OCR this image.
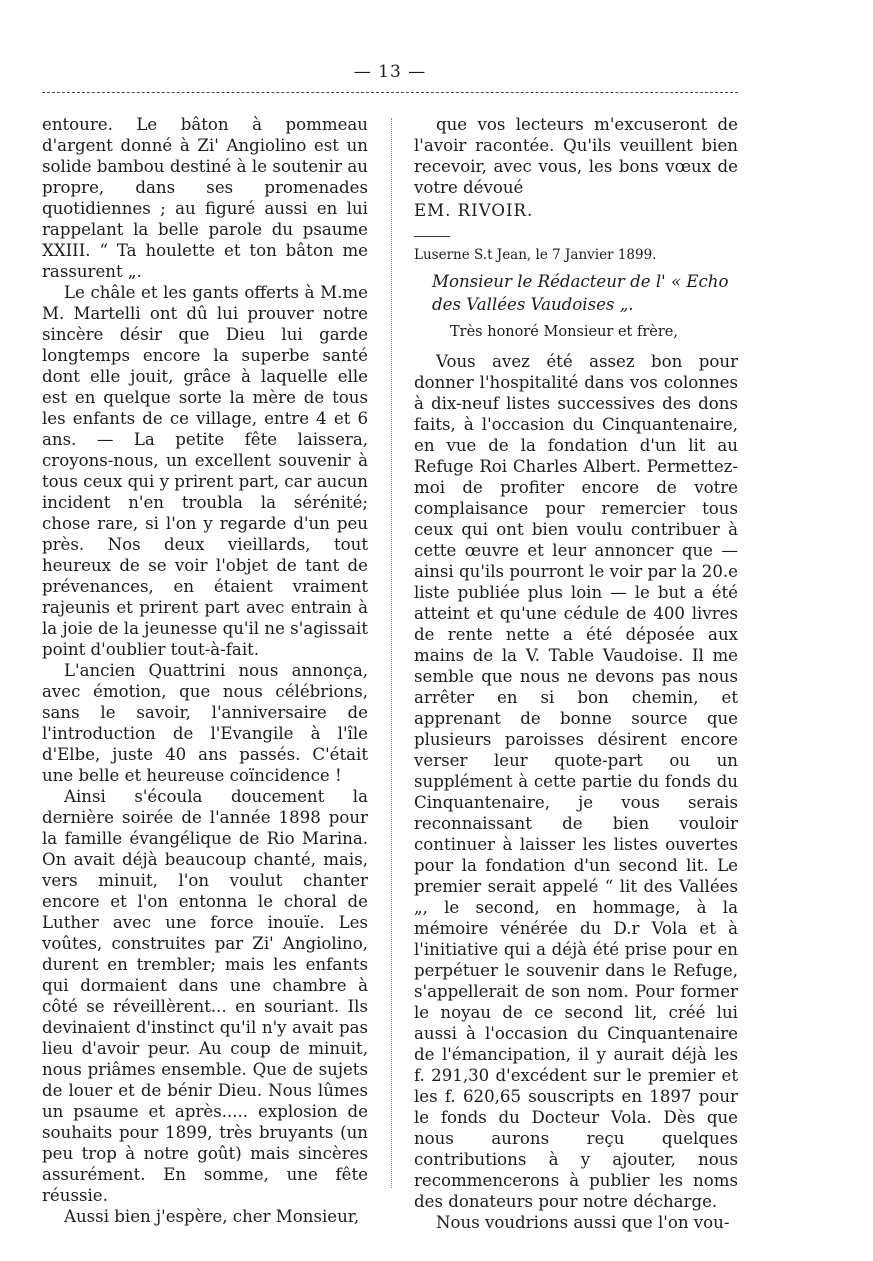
— 13 —

entoure. Le bâton à pommeau d'argent donné à Zi' Angiolino est un solide bambou destiné à le soutenir au propre, dans ses promenades quotidiennes ; au figuré aussi en lui rappelant la belle parole du psaume XXIII. “ Ta houlette et ton bâton me rassurent „.

Le châle et les gants offerts à M.me M. Martelli ont dû lui prouver notre sincère désir que Dieu lui garde longtemps encore la superbe santé dont elle jouit, grâce à laquelle elle est en quelque sorte la mère de tous les enfants de ce village, entre 4 et 6 ans. — La petite fête laissera, croyons-nous, un excellent souvenir à tous ceux qui y prirent part, car aucun incident n'en troubla la sérénité; chose rare, si l'on y regarde d'un peu près. Nos deux vieillards, tout heureux de se voir l'objet de tant de prévenances, en étaient vraiment rajeunis et prirent part avec entrain à la joie de la jeunesse qu'il ne s'agissait point d'oublier tout-à-fait.

L'ancien Quattrini nous annonça, avec émotion, que nous célébrions, sans le savoir, l'anniversaire de l'introduction de l'Evangile à l'île d'Elbe, juste 40 ans passés. C'était une belle et heureuse coïncidence !

Ainsi s'écoula doucement la dernière soirée de l'année 1898 pour la famille évangélique de Rio Marina. On avait déjà beaucoup chanté, mais, vers minuit, l'on voulut chanter encore et l'on entonna le choral de Luther avec une force inouïe. Les voûtes, construites par Zi' Angiolino, durent en trembler; mais les enfants qui dormaient dans une chambre à côté se réveillèrent... en souriant. Ils devinaient d'instinct qu'il n'y avait pas lieu d'avoir peur. Au coup de minuit, nous priâmes ensemble. Que de sujets de louer et de bénir Dieu. Nous lûmes un psaume et après..... explosion de souhaits pour 1899, très bruyants (un peu trop à notre goût) mais sincères assurément. En somme, une fête réussie.

Aussi bien j'espère, cher Monsieur,

que vos lecteurs m'excuseront de l'avoir racontée. Qu'ils veuillent bien recevoir, avec vous, les bons vœux de votre dévoué

EM. RIVOIR.

Luserne S.t Jean, le 7 Janvier 1899.

Monsieur le Rédacteur de l' « Echo des Vallées Vaudoises „.

Très honoré Monsieur et frère,

Vous avez été assez bon pour donner l'hospitalité dans vos colonnes à dix-neuf listes successives des dons faits, à l'occasion du Cinquantenaire, en vue de la fondation d'un lit au Refuge Roi Charles Albert. Permettez-moi de profiter encore de votre complaisance pour remercier tous ceux qui ont bien voulu contribuer à cette œuvre et leur annoncer que — ainsi qu'ils pourront le voir par la 20.e liste publiée plus loin — le but a été atteint et qu'une cédule de 400 livres de rente nette a été déposée aux mains de la V. Table Vaudoise. Il me semble que nous ne devons pas nous arrêter en si bon chemin, et apprenant de bonne source que plusieurs paroisses désirent encore verser leur quote-part ou un supplément à cette partie du fonds du Cinquantenaire, je vous serais reconnaissant de bien vouloir continuer à laisser les listes ouvertes pour la fondation d'un second lit. Le premier serait appelé “ lit des Vallées „, le second, en hommage, à la mémoire vénérée du D.r Vola et à l'initiative qui a déjà été prise pour en perpétuer le souvenir dans le Refuge, s'appellerait de son nom. Pour former le noyau de ce second lit, créé lui aussi à l'occasion du Cinquantenaire de l'émancipation, il y aurait déjà les f. 291,30 d'excédent sur le premier et les f. 620,65 souscripts en 1897 pour le fonds du Docteur Vola. Dès que nous aurons reçu quelques contributions à y ajouter, nous recommencerons à publier les noms des donateurs pour notre décharge.

Nous voudrions aussi que l'on vou-
